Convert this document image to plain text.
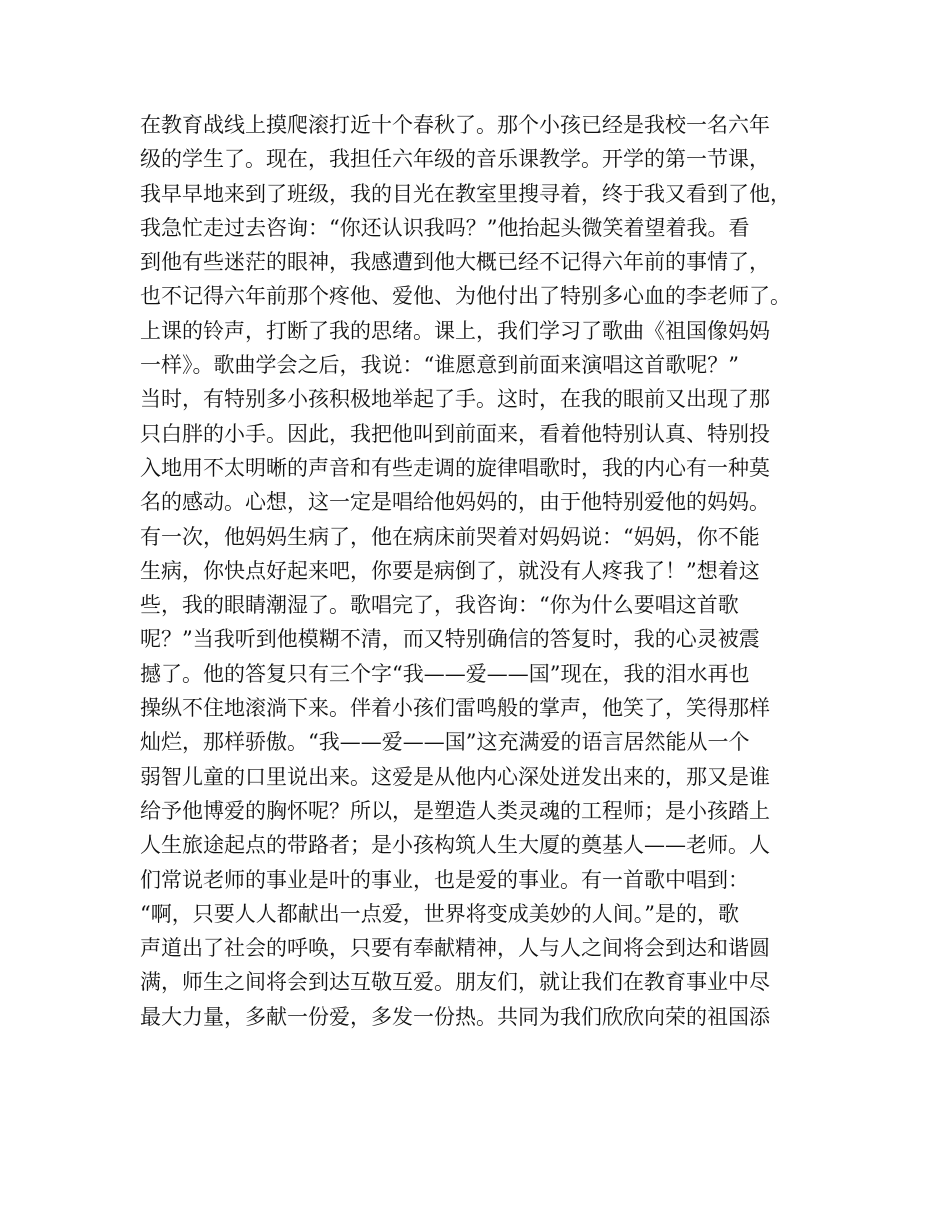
在教育战线上摸爬滚打近十个春秋了。那个小孩已经是我校一名六年
级的学生了。现在，我担任六年级的音乐课教学。开学的第一节课，
我早早地来到了班级，我的目光在教室里搜寻着，终于我又看到了他，
我急忙走过去咨询：“你还认识我吗？”他抬起头微笑着望着我。看
到他有些迷茫的眼神，我感遭到他大概已经不记得六年前的事情了，
也不记得六年前那个疼他、爱他、为他付出了特别多心血的李老师了。
上课的铃声，打断了我的思绪。课上，我们学习了歌曲《祖国像妈妈
一样》。歌曲学会之后，我说：“谁愿意到前面来演唱这首歌呢？”
当时，有特别多小孩积极地举起了手。这时，在我的眼前又出现了那
只白胖的小手。因此，我把他叫到前面来，看着他特别认真、特别投
入地用不太明晰的声音和有些走调的旋律唱歌时，我的内心有一种莫
名的感动。心想，这一定是唱给他妈妈的，由于他特别爱他的妈妈。
有一次，他妈妈生病了，他在病床前哭着对妈妈说：“妈妈，你不能
生病，你快点好起来吧，你要是病倒了，就没有人疼我了！”想着这
些，我的眼睛潮湿了。歌唱完了，我咨询：“你为什么要唱这首歌
呢？”当我听到他模糊不清，而又特别确信的答复时，我的心灵被震
撼了。他的答复只有三个字“我——爱——国”现在，我的泪水再也
操纵不住地滚淌下来。伴着小孩们雷鸣般的掌声，他笑了，笑得那样
灿烂，那样骄傲。“我——爱——国”这充满爱的语言居然能从一个
弱智儿童的口里说出来。这爱是从他内心深处迸发出来的，那又是谁
给予他博爱的胸怀呢？所以，是塑造人类灵魂的工程师；是小孩踏上
人生旅途起点的带路者；是小孩构筑人生大厦的奠基人——老师。人
们常说老师的事业是叶的事业，也是爱的事业。有一首歌中唱到：
“啊，只要人人都献出一点爱，世界将变成美妙的人间。”是的，歌
声道出了社会的呼唤，只要有奉献精神，人与人之间将会到达和谐圆
满，师生之间将会到达互敬互爱。朋友们，就让我们在教育事业中尽
最大力量，多献一份爱，多发一份热。共同为我们欣欣向荣的祖国添
